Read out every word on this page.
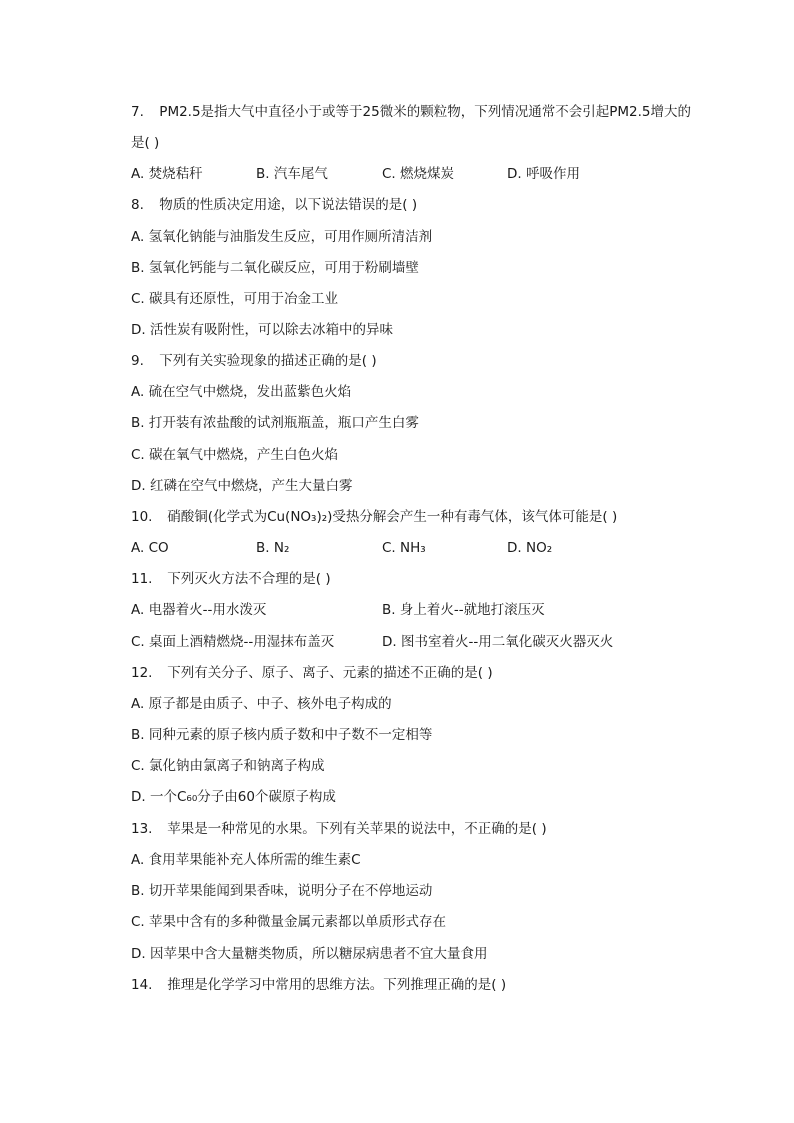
7. PM2.5是指大气中直径小于或等于25微米的颗粒物，下列情况通常不会引起PM2.5增大的
是( )
A. 焚烧秸秆	B. 汽车尾气	C. 燃烧煤炭	D. 呼吸作用
8. 物质的性质决定用途，以下说法错误的是( )
A. 氢氧化钠能与油脂发生反应，可用作厕所清洁剂
B. 氢氧化钙能与二氧化碳反应，可用于粉刷墙壁
C. 碳具有还原性，可用于冶金工业
D. 活性炭有吸附性，可以除去冰箱中的异味
9. 下列有关实验现象的描述正确的是( )
A. 硫在空气中燃烧，发出蓝紫色火焰
B. 打开装有浓盐酸的试剂瓶瓶盖，瓶口产生白雾
C. 碳在氧气中燃烧，产生白色火焰
D. 红磷在空气中燃烧，产生大量白雾
10. 硝酸铜(化学式为Cu(NO₃)₂)受热分解会产生一种有毒气体，该气体可能是( )
A. CO	B. N₂	C. NH₃	D. NO₂
11. 下列灭火方法不合理的是( )
A. 电器着火--用水泼灭	B. 身上着火--就地打滚压灭
C. 桌面上酒精燃烧--用湿抹布盖灭	D. 图书室着火--用二氧化碳灭火器灭火
12. 下列有关分子、原子、离子、元素的描述不正确的是( )
A. 原子都是由质子、中子、核外电子构成的
B. 同种元素的原子核内质子数和中子数不一定相等
C. 氯化钠由氯离子和钠离子构成
D. 一个C₆₀分子由60个碳原子构成
13. 苹果是一种常见的水果。下列有关苹果的说法中，不正确的是( )
A. 食用苹果能补充人体所需的维生素C
B. 切开苹果能闻到果香味，说明分子在不停地运动
C. 苹果中含有的多种微量金属元素都以单质形式存在
D. 因苹果中含大量糖类物质，所以糖尿病患者不宜大量食用
14. 推理是化学学习中常用的思维方法。下列推理正确的是( )
